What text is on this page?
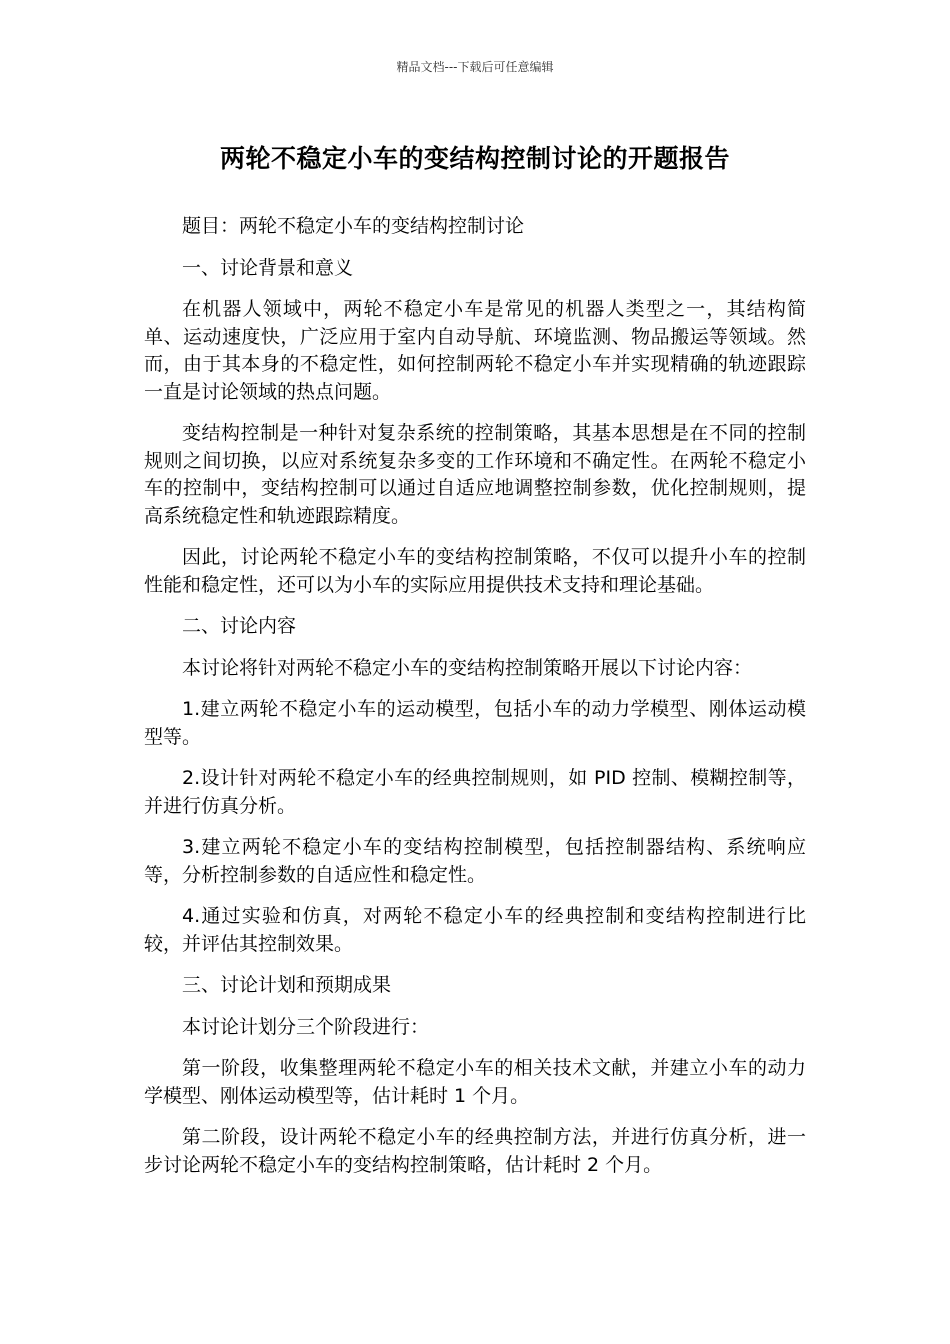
精品文档---下载后可任意编辑
两轮不稳定小车的变结构控制讨论的开题报告

题目：两轮不稳定小车的变结构控制讨论

一、讨论背景和意义

在机器人领域中，两轮不稳定小车是常见的机器人类型之一，其结构简单、运动速度快，广泛应用于室内自动导航、环境监测、物品搬运等领域。然而，由于其本身的不稳定性，如何控制两轮不稳定小车并实现精确的轨迹跟踪一直是讨论领域的热点问题。

变结构控制是一种针对复杂系统的控制策略，其基本思想是在不同的控制规则之间切换，以应对系统复杂多变的工作环境和不确定性。在两轮不稳定小车的控制中，变结构控制可以通过自适应地调整控制参数，优化控制规则，提高系统稳定性和轨迹跟踪精度。

因此，讨论两轮不稳定小车的变结构控制策略，不仅可以提升小车的控制性能和稳定性，还可以为小车的实际应用提供技术支持和理论基础。

二、讨论内容

本讨论将针对两轮不稳定小车的变结构控制策略开展以下讨论内容：

1.建立两轮不稳定小车的运动模型，包括小车的动力学模型、刚体运动模型等。

2.设计针对两轮不稳定小车的经典控制规则，如 PID 控制、模糊控制等，并进行仿真分析。

3.建立两轮不稳定小车的变结构控制模型，包括控制器结构、系统响应等，分析控制参数的自适应性和稳定性。

4.通过实验和仿真，对两轮不稳定小车的经典控制和变结构控制进行比较，并评估其控制效果。

三、讨论计划和预期成果

本讨论计划分三个阶段进行：

第一阶段，收集整理两轮不稳定小车的相关技术文献，并建立小车的动力学模型、刚体运动模型等，估计耗时 1 个月。

第二阶段，设计两轮不稳定小车的经典控制方法，并进行仿真分析，进一步讨论两轮不稳定小车的变结构控制策略，估计耗时 2 个月。
